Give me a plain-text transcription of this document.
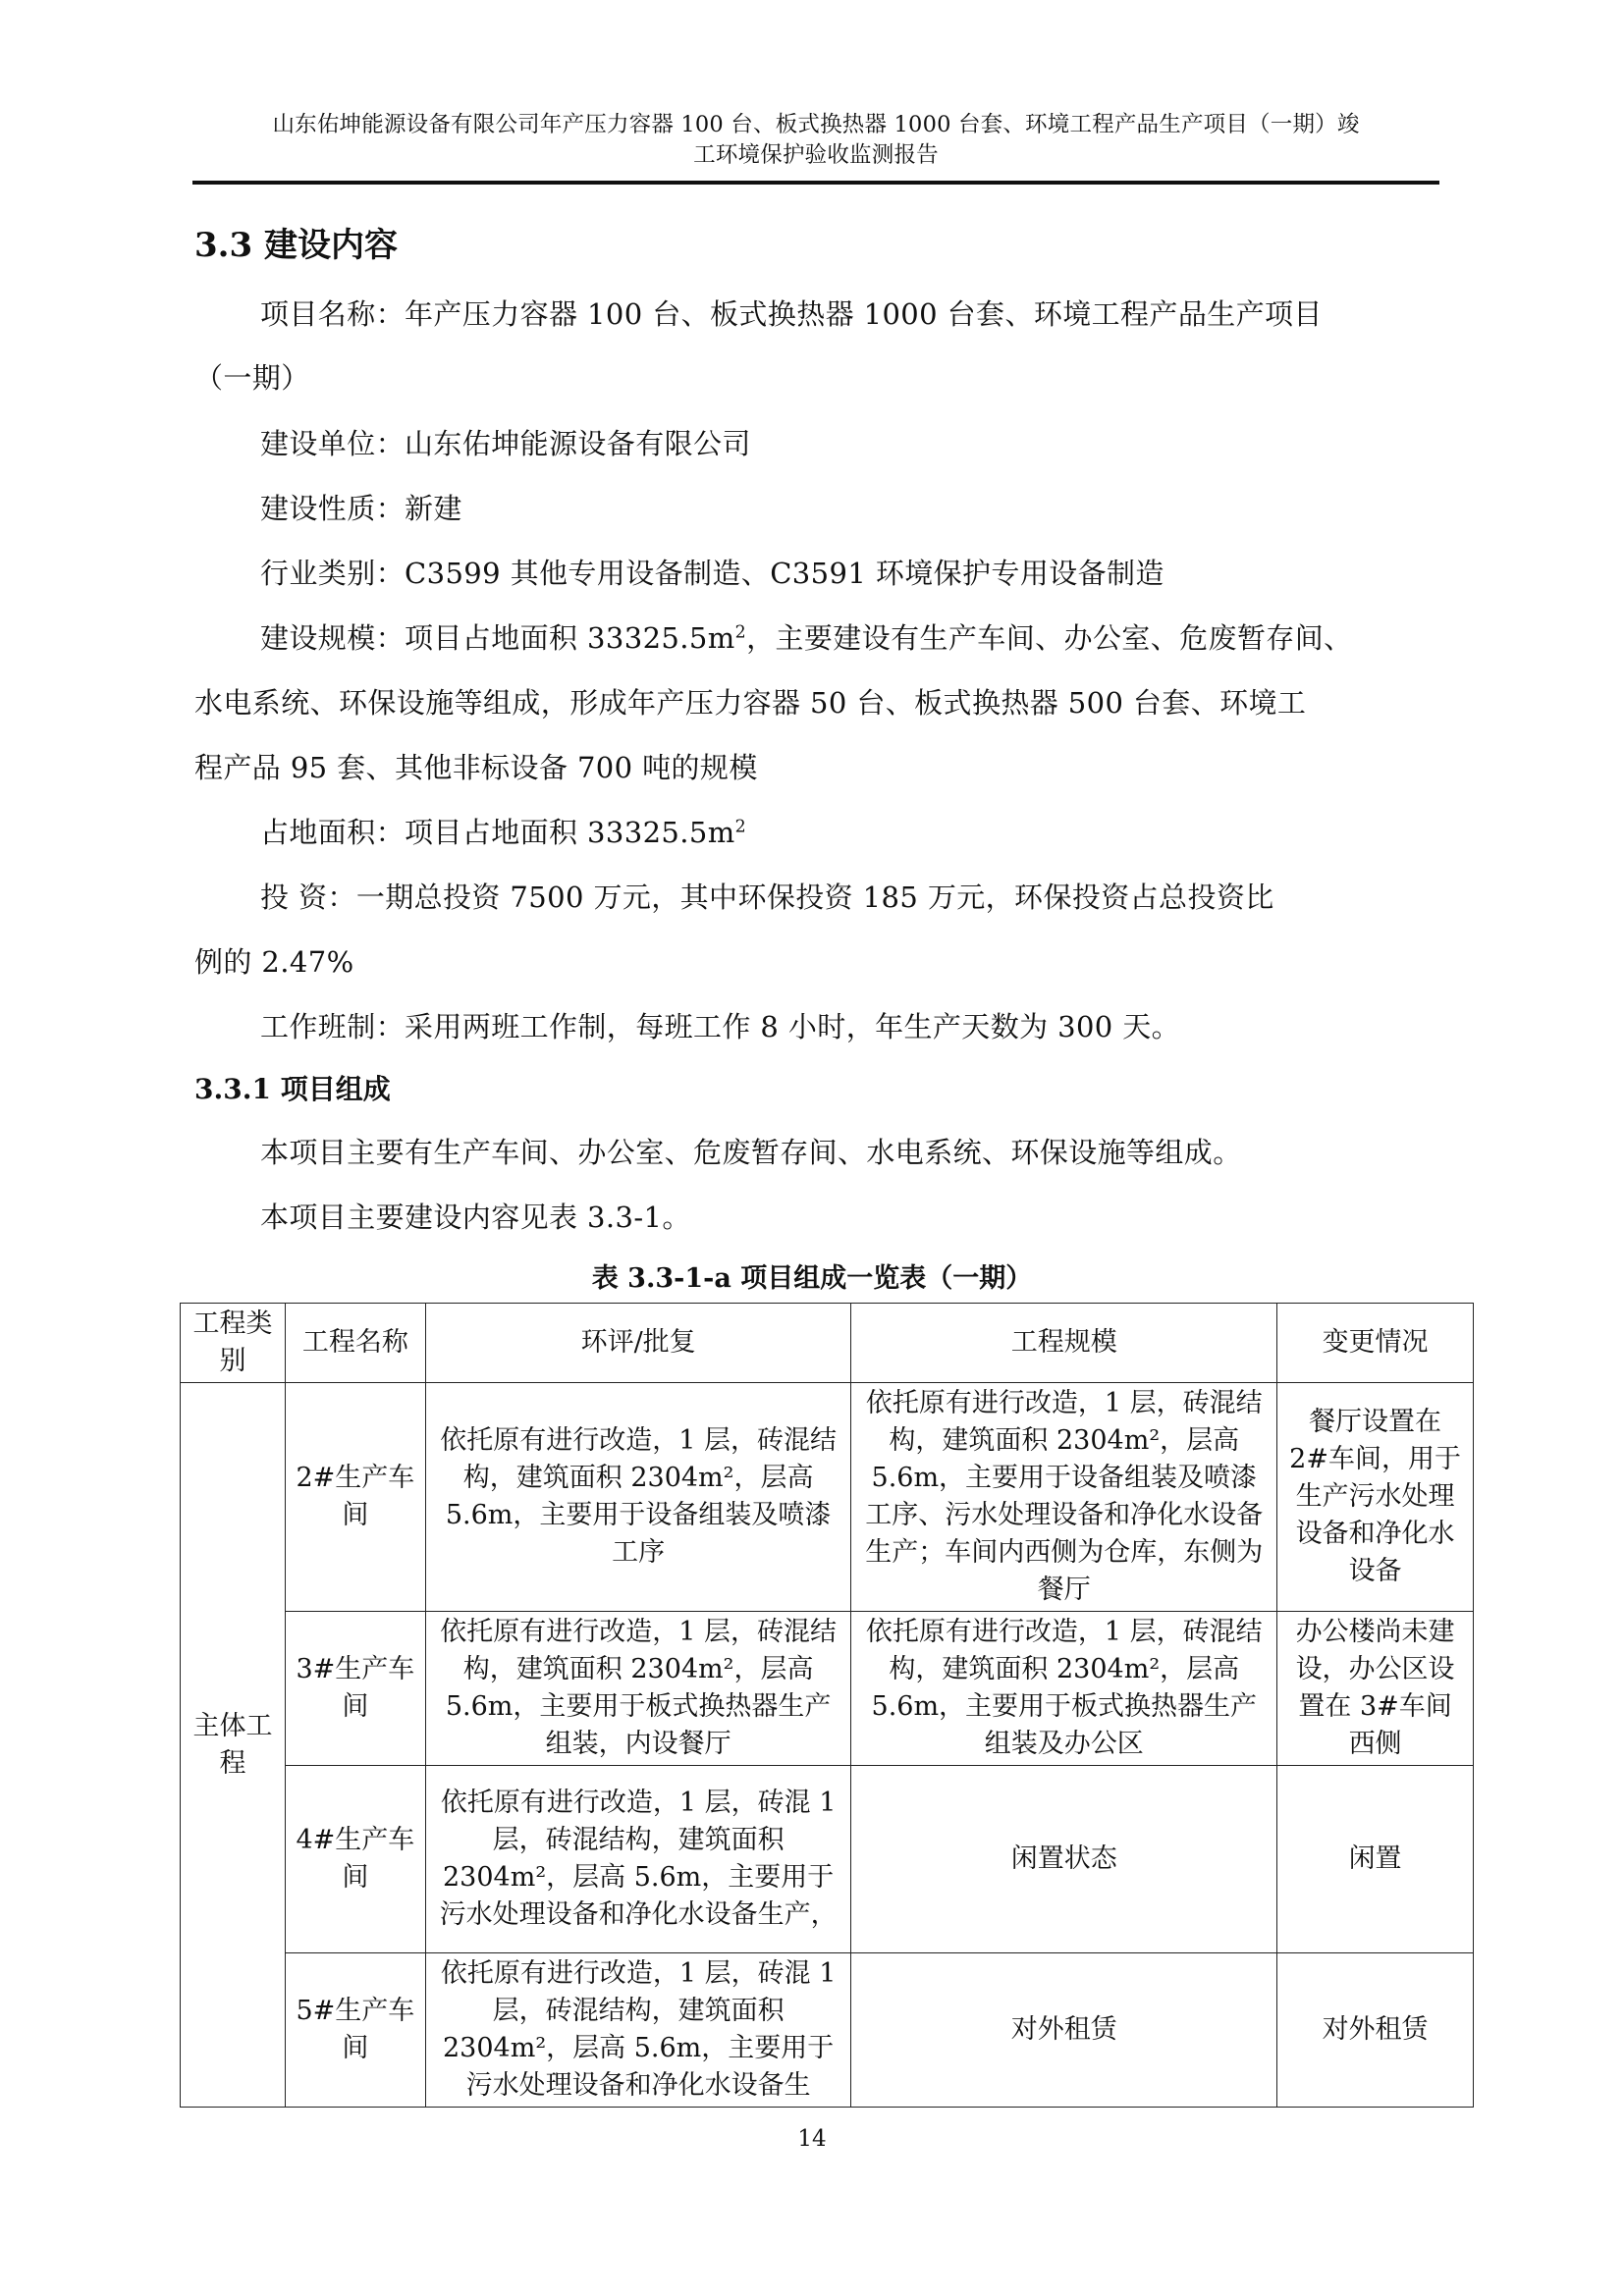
山东佑坤能源设备有限公司年产压力容器 100 台、板式换热器 1000 台套、环境工程产品生产项目（一期）竣
工环境保护验收监测报告
3.3 建设内容
项目名称：年产压力容器 100 台、板式换热器 1000 台套、环境工程产品生产项目
（一期）
建设单位：山东佑坤能源设备有限公司
建设性质：新建
行业类别：C3599 其他专用设备制造、C3591 环境保护专用设备制造
建设规模：项目占地面积 $33325.5m^2$，主要建设有生产车间、办公室、危废暂存间、
水电系统、环保设施等组成，形成年产压力容器 50 台、板式换热器 500 台套、环境工
程产品 95 套、其他非标设备 700 吨的规模
占地面积：项目占地面积 $33325.5m^2$
投 资：一期总投资 7500 万元，其中环保投资 185 万元，环保投资占总投资比
例的 2.47%
工作班制：采用两班工作制，每班工作 8 小时，年生产天数为 300 天。
3.3.1 项目组成
本项目主要有生产车间、办公室、危废暂存间、水电系统、环保设施等组成。
本项目主要建设内容见表 3.3-1。
表 3.3-1-a 项目组成一览表（一期）
工程类别	工程名称	环评/批复	工程规模	变更情况
主体工程	2#生产车间	依托原有进行改造，1 层，砖混结构，建筑面积 2304m²，层高 5.6m，主要用于设备组装及喷漆工序	依托原有进行改造，1 层，砖混结构，建筑面积 2304m²，层高 5.6m，主要用于设备组装及喷漆工序、污水处理设备和净化水设备生产；车间内西侧为仓库，东侧为餐厅	餐厅设置在 2#车间，用于生产污水处理设备和净化水设备
	3#生产车间	依托原有进行改造，1 层，砖混结构，建筑面积 2304m²，层高 5.6m，主要用于板式换热器生产组装，内设餐厅	依托原有进行改造，1 层，砖混结构，建筑面积 2304m²，层高 5.6m，主要用于板式换热器生产组装及办公区	办公楼尚未建设，办公区设置在 3#车间西侧
	4#生产车间	依托原有进行改造，1 层，砖混 1 层，砖混结构，建筑面积 2304m²，层高 5.6m，主要用于污水处理设备和净化水设备生产，	闲置状态	闲置
	5#生产车间	依托原有进行改造，1 层，砖混 1 层，砖混结构，建筑面积 2304m²，层高 5.6m，主要用于污水处理设备和净化水设备生	对外租赁	对外租赁
14
